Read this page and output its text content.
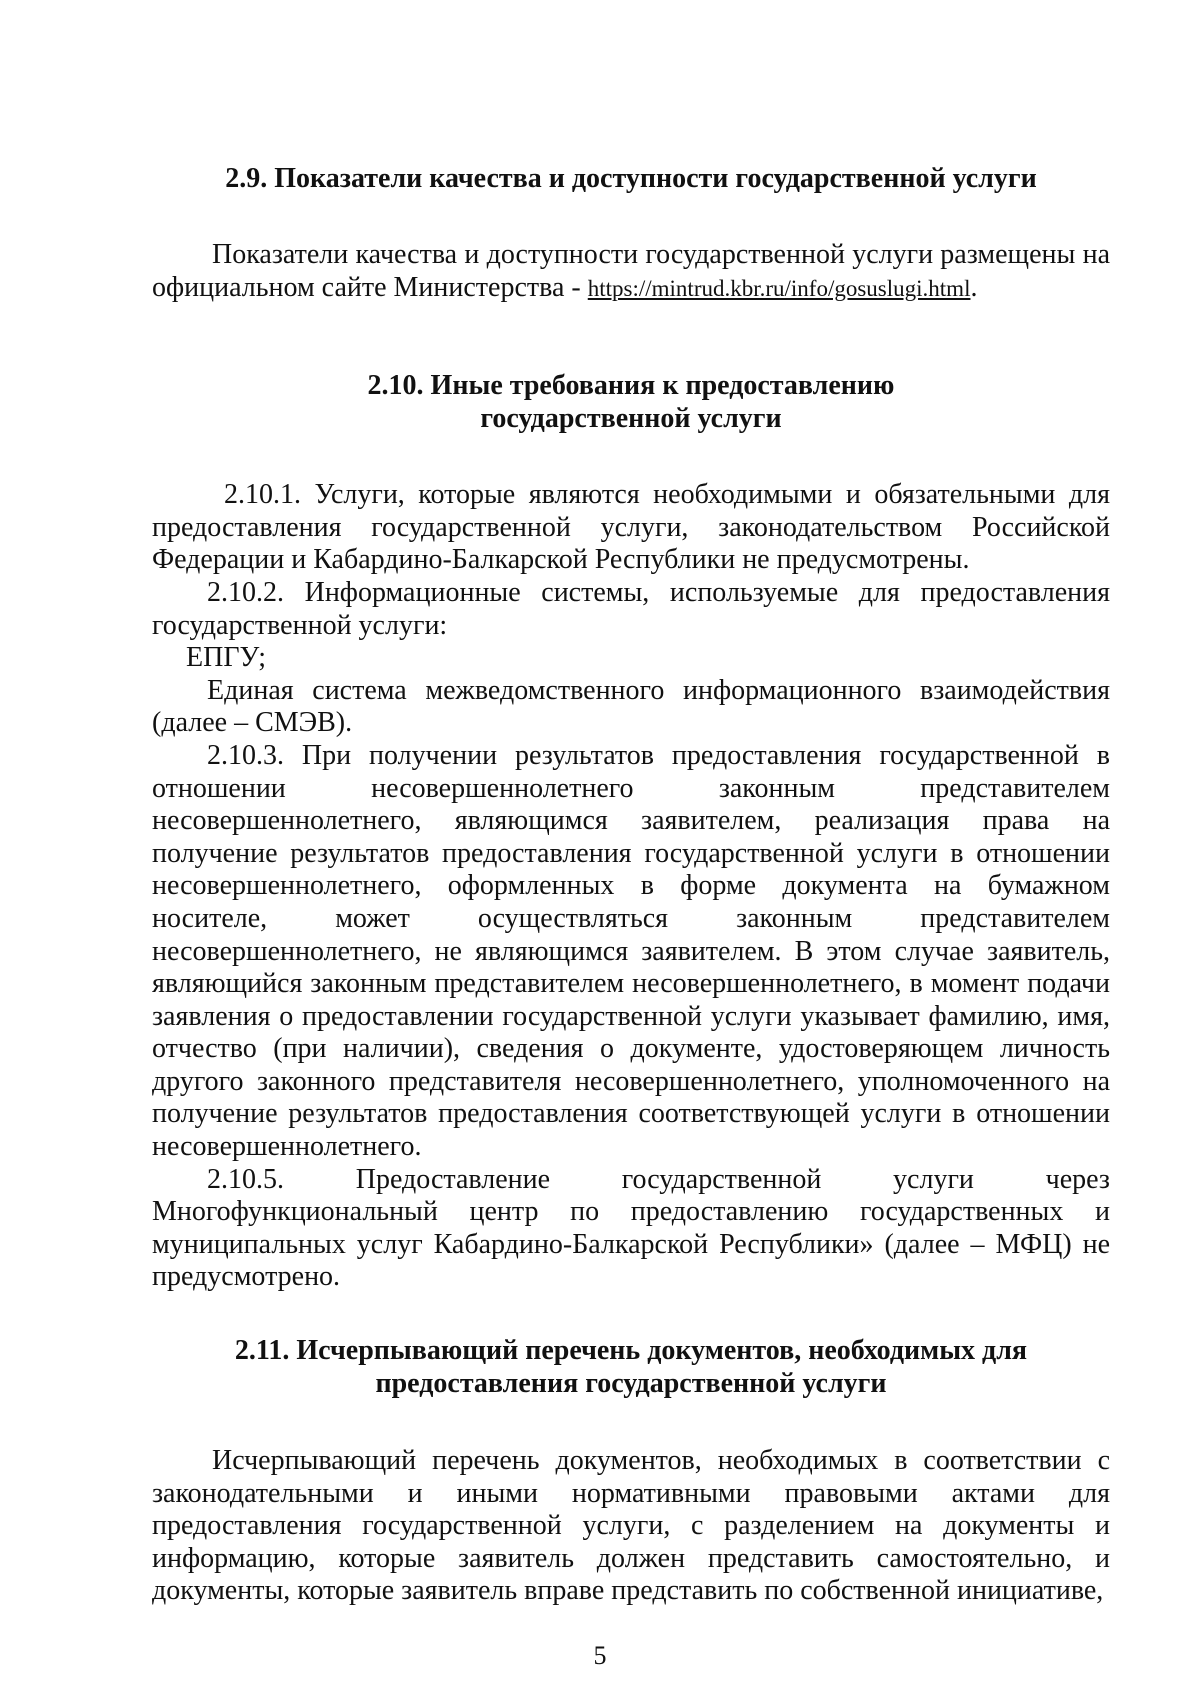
2.9. Показатели качества и доступности государственной услуги

Показатели качества и доступности государственной услуги размещены на официальном сайте Министерства - https://mintrud.kbr.ru/info/gosuslugi.html.

2.10. Иные требования к предоставлению
государственной услуги

2.10.1. Услуги, которые являются необходимыми и обязательными для предоставления государственной услуги, законодательством Российской Федерации и Кабардино-Балкарской Республики не предусмотрены.

2.10.2. Информационные системы, используемые для предоставления государственной услуги:

ЕПГУ;

Единая система межведомственного информационного взаимодействия (далее – СМЭВ).

2.10.3. При получении результатов предоставления государственной в отношении несовершеннолетнего законным представителем несовершеннолетнего, являющимся заявителем, реализация права на получение результатов предоставления государственной услуги в отношении несовершеннолетнего, оформленных в форме документа на бумажном носителе, может осуществляться законным представителем несовершеннолетнего, не являющимся заявителем. В этом случае заявитель, являющийся законным представителем несовершеннолетнего, в момент подачи заявления о предоставлении государственной услуги указывает фамилию, имя, отчество (при наличии), сведения о документе, удостоверяющем личность другого законного представителя несовершеннолетнего, уполномоченного на получение результатов предоставления соответствующей услуги в отношении несовершеннолетнего.

2.10.5. Предоставление государственной услуги через Многофункциональный центр по предоставлению государственных и муниципальных услуг Кабардино-Балкарской Республики» (далее – МФЦ) не предусмотрено.

2.11. Исчерпывающий перечень документов, необходимых для
предоставления государственной услуги

Исчерпывающий перечень документов, необходимых в соответствии с законодательными и иными нормативными правовыми актами для предоставления государственной услуги, с разделением на документы и информацию, которые заявитель должен представить самостоятельно, и документы, которые заявитель вправе представить по собственной инициативе,

5
